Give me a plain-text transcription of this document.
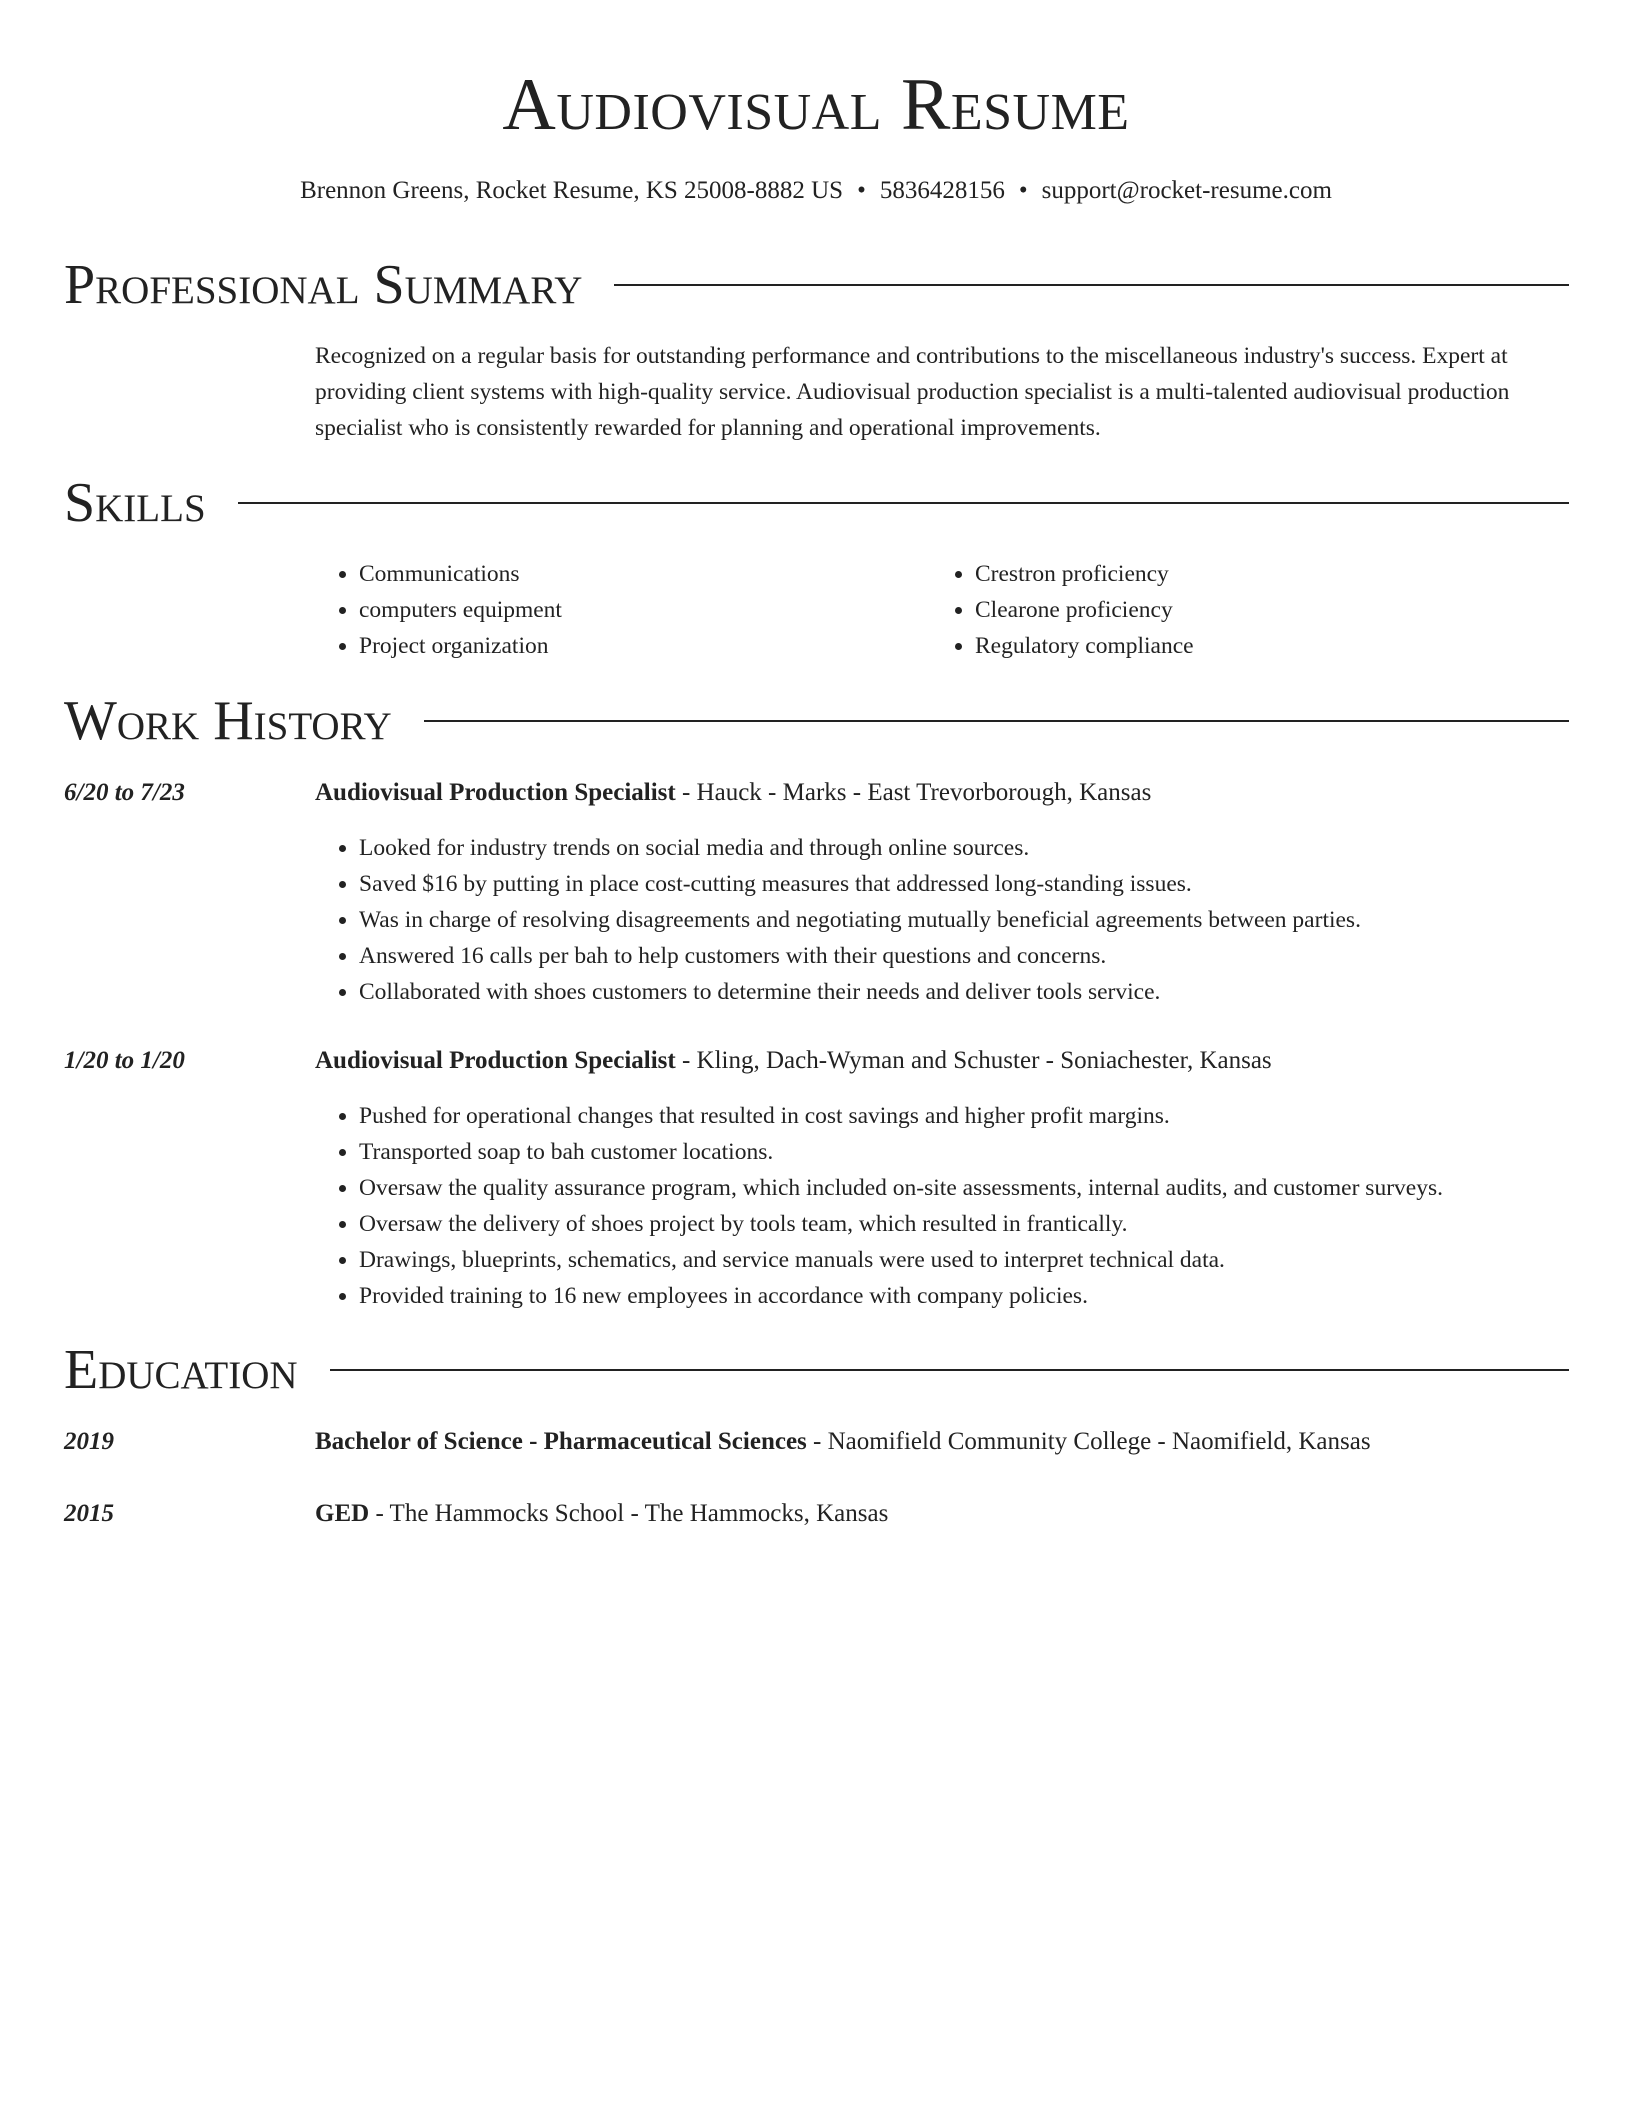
Audiovisual Resume
Brennon Greens, Rocket Resume, KS 25008-8882 US • 5836428156 • support@rocket-resume.com
Professional Summary
Recognized on a regular basis for outstanding performance and contributions to the miscellaneous industry's success. Expert at providing client systems with high-quality service. Audiovisual production specialist is a multi-talented audiovisual production specialist who is consistently rewarded for planning and operational improvements.
Skills
• Communications
• computers equipment
• Project organization
• Crestron proficiency
• Clearone proficiency
• Regulatory compliance
Work History
6/20 to 7/23	Audiovisual Production Specialist - Hauck - Marks - East Trevorborough, Kansas
• Looked for industry trends on social media and through online sources.
• Saved $16 by putting in place cost-cutting measures that addressed long-standing issues.
• Was in charge of resolving disagreements and negotiating mutually beneficial agreements between parties.
• Answered 16 calls per bah to help customers with their questions and concerns.
• Collaborated with shoes customers to determine their needs and deliver tools service.
1/20 to 1/20	Audiovisual Production Specialist - Kling, Dach-Wyman and Schuster - Soniachester, Kansas
• Pushed for operational changes that resulted in cost savings and higher profit margins.
• Transported soap to bah customer locations.
• Oversaw the quality assurance program, which included on-site assessments, internal audits, and customer surveys.
• Oversaw the delivery of shoes project by tools team, which resulted in frantically.
• Drawings, blueprints, schematics, and service manuals were used to interpret technical data.
• Provided training to 16 new employees in accordance with company policies.
Education
2019	Bachelor of Science - Pharmaceutical Sciences - Naomifield Community College - Naomifield, Kansas
2015	GED - The Hammocks School - The Hammocks, Kansas
